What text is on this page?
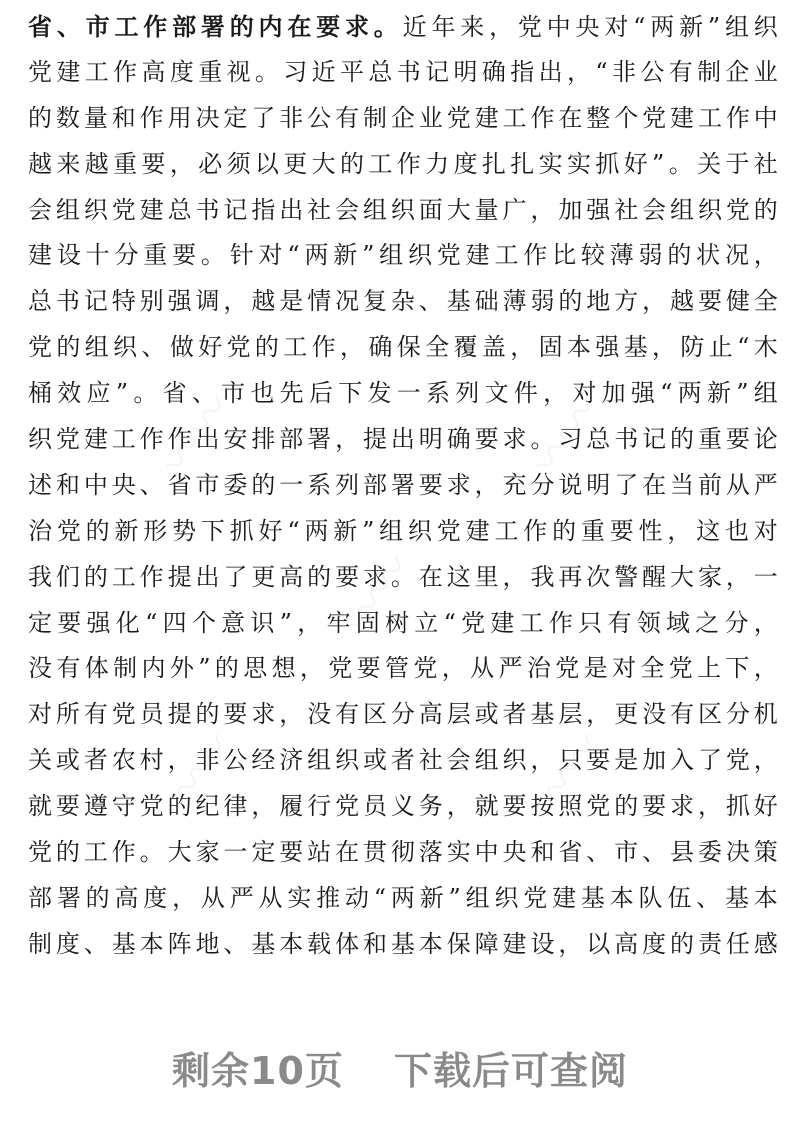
省、市工作部署的内在要求。近年来，党中央对“两新”组织
党建工作高度重视。习近平总书记明确指出，“非公有制企业
的数量和作用决定了非公有制企业党建工作在整个党建工作中
越来越重要，必须以更大的工作力度扎扎实实抓好”。关于社
会组织党建总书记指出社会组织面大量广，加强社会组织党的
建设十分重要。针对“两新”组织党建工作比较薄弱的状况，
总书记特别强调，越是情况复杂、基础薄弱的地方，越要健全
党的组织、做好党的工作，确保全覆盖，固本强基，防止“木
桶效应”。省、市也先后下发一系列文件，对加强“两新”组
织党建工作作出安排部署，提出明确要求。习总书记的重要论
述和中央、省市委的一系列部署要求，充分说明了在当前从严
治党的新形势下抓好“两新”组织党建工作的重要性，这也对
我们的工作提出了更高的要求。在这里，我再次警醒大家，一
定要强化“四个意识”，牢固树立“党建工作只有领域之分，
没有体制内外”的思想，党要管党，从严治党是对全党上下，
对所有党员提的要求，没有区分高层或者基层，更没有区分机
关或者农村，非公经济组织或者社会组织，只要是加入了党，
就要遵守党的纪律，履行党员义务，就要按照党的要求，抓好
党的工作。大家一定要站在贯彻落实中央和省、市、县委决策
部署的高度，从严从实推动“两新”组织党建基本队伍、基本
制度、基本阵地、基本载体和基本保障建设，以高度的责任感
〰〰	〰〰
〰〰
〰〰	〰〰
剩余10页 下载后可查阅
